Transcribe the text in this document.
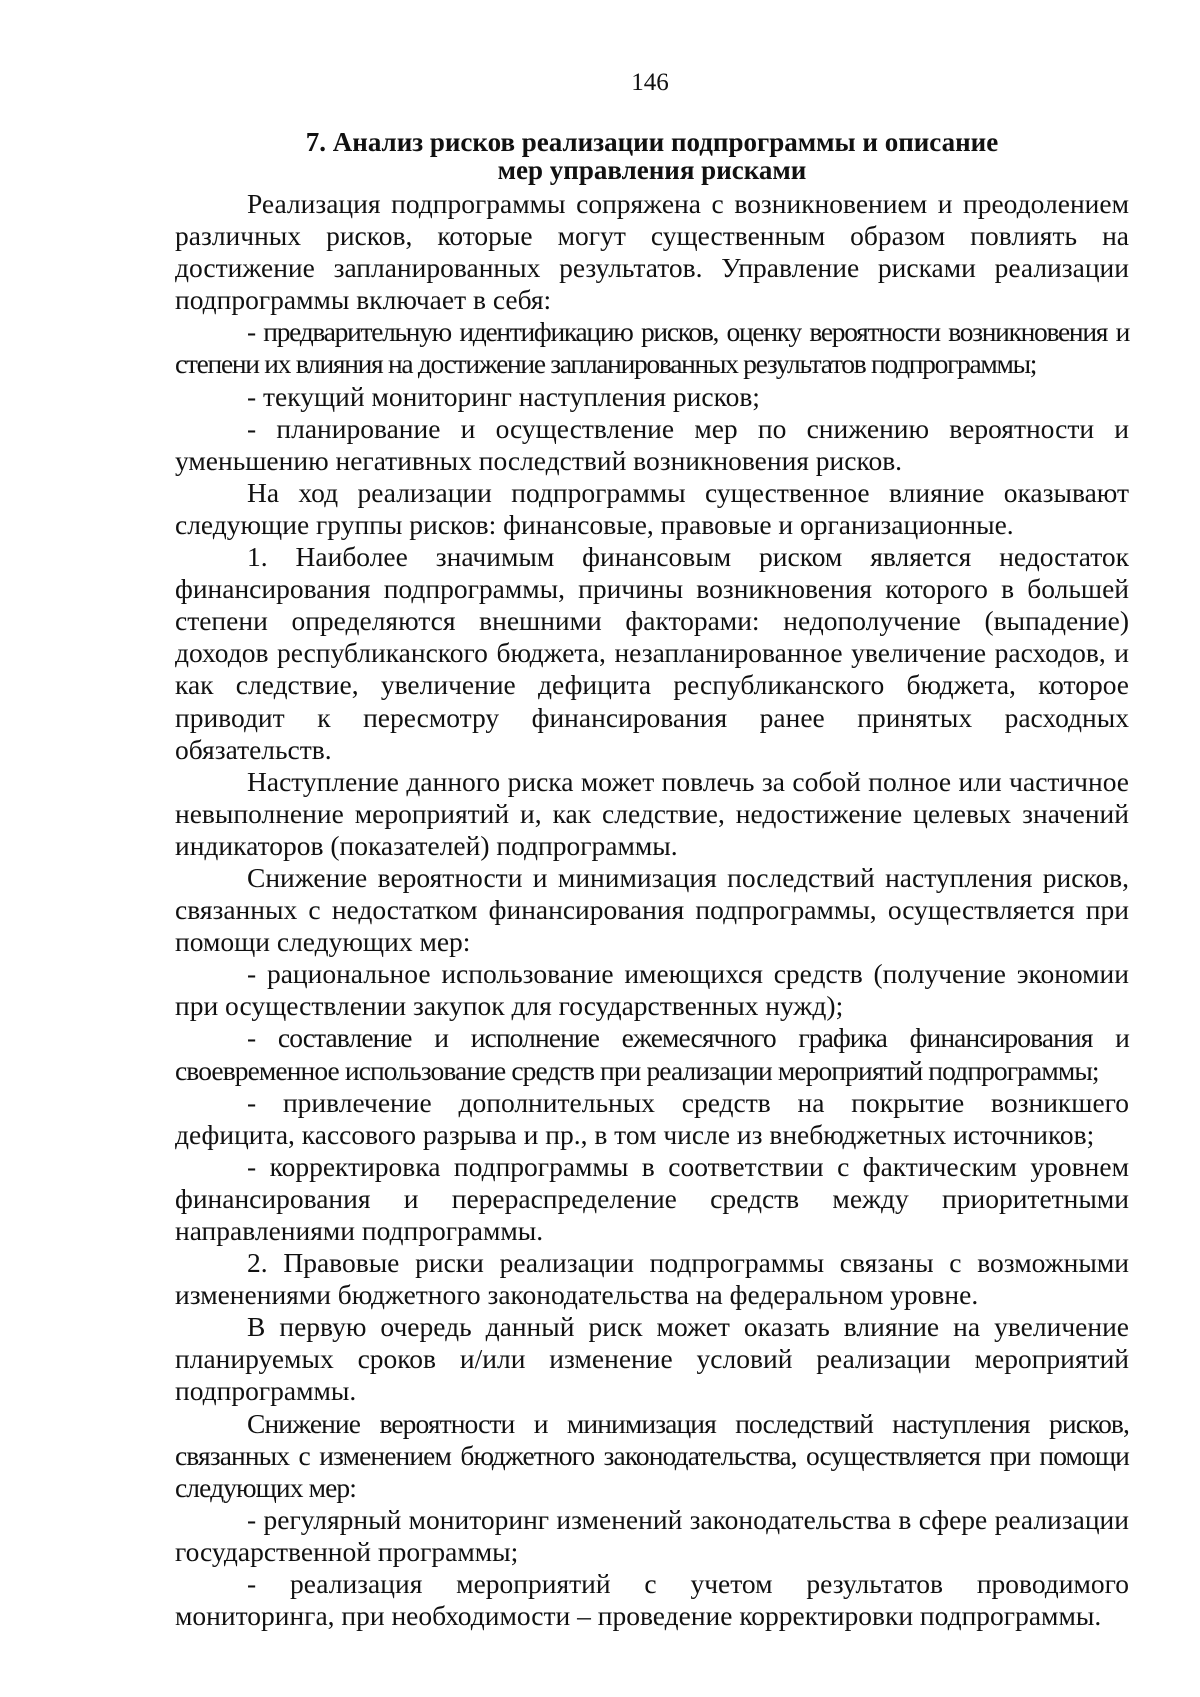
146
7. Анализ рисков реализации подпрограммы и описание
мер управления рисками

Реализация подпрограммы сопряжена с возникновением и преодолением различных рисков, которые могут существенным образом повлиять на достижение запланированных результатов. Управление рисками реализации подпрограммы включает в себя:

- предварительную идентификацию рисков, оценку вероятности возникновения и степени их влияния на достижение запланированных результатов подпрограммы;

- текущий мониторинг наступления рисков;

- планирование и осуществление мер по снижению вероятности и уменьшению негативных последствий возникновения рисков.

На ход реализации подпрограммы существенное влияние оказывают следующие группы рисков: финансовые, правовые и организационные.

1. Наиболее значимым финансовым риском является недостаток финансирования подпрограммы, причины возникновения которого в большей степени определяются внешними факторами: недополучение (выпадение) доходов республиканского бюджета, незапланированное увеличение расходов, и как следствие, увеличение дефицита республиканского бюджета, которое приводит к пересмотру финансирования ранее принятых расходных обязательств.

Наступление данного риска может повлечь за собой полное или частичное невыполнение мероприятий и, как следствие, недостижение целевых значений индикаторов (показателей) подпрограммы.

Снижение вероятности и минимизация последствий наступления рисков, связанных с недостатком финансирования подпрограммы, осуществляется при помощи следующих мер:

- рациональное использование имеющихся средств (получение экономии при осуществлении закупок для государственных нужд);

- составление и исполнение ежемесячного графика финансирования и своевременное использование средств при реализации мероприятий подпрограммы;

- привлечение дополнительных средств на покрытие возникшего дефицита, кассового разрыва и пр., в том числе из внебюджетных источников;

- корректировка подпрограммы в соответствии с фактическим уровнем финансирования и перераспределение средств между приоритетными направлениями подпрограммы.

2. Правовые риски реализации подпрограммы связаны с возможными изменениями бюджетного законодательства на федеральном уровне.

В первую очередь данный риск может оказать влияние на увеличение планируемых сроков и/или изменение условий реализации мероприятий подпрограммы.

Снижение вероятности и минимизация последствий наступления рисков, связанных с изменением бюджетного законодательства, осуществляется при помощи следующих мер:

- регулярный мониторинг изменений законодательства в сфере реализации государственной программы;

- реализация мероприятий с учетом результатов проводимого мониторинга, при необходимости – проведение корректировки подпрограммы.
